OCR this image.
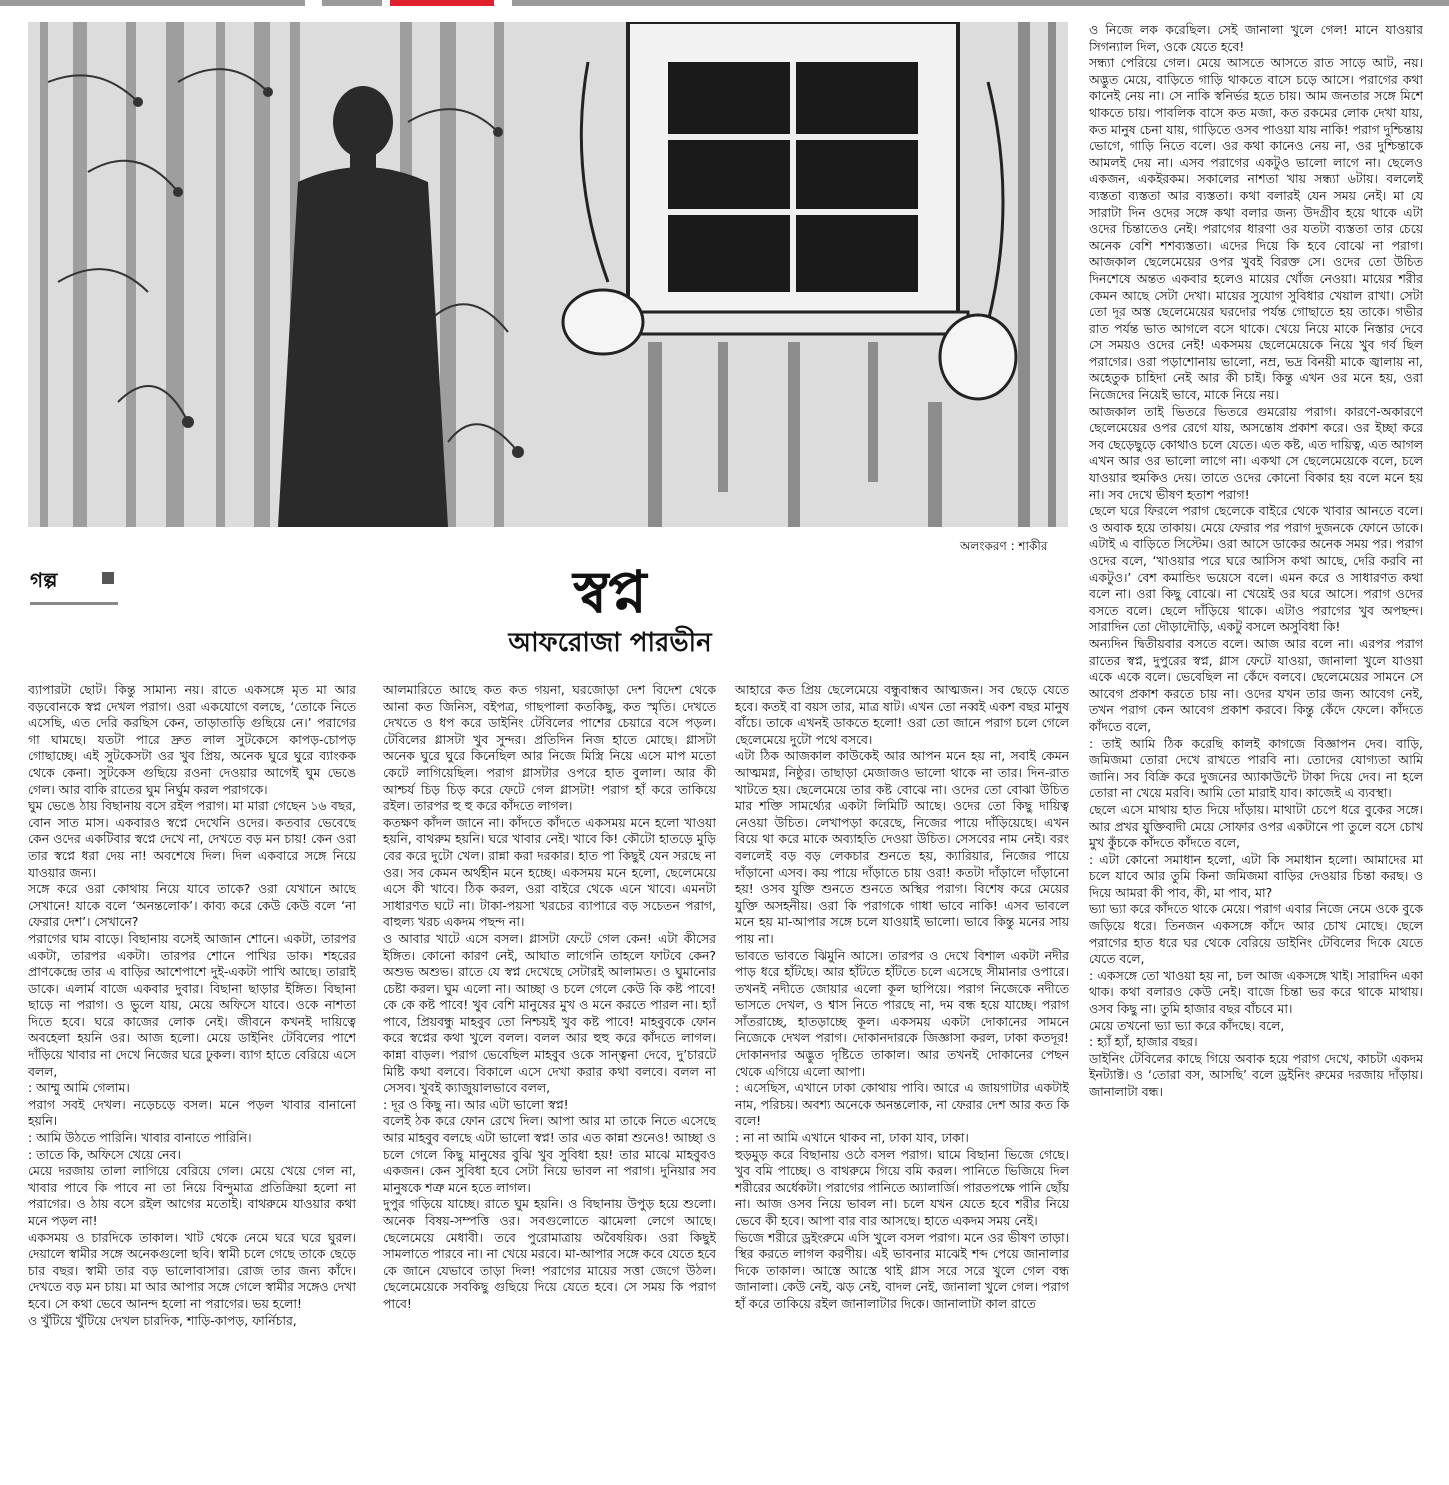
অলংকরণ : শাকীর
গল্প	স্বপ্ন
আফরোজা পারভীন

ব্যাপারটা ছোট। কিন্তু সামান্য নয়। রাতে একসঙ্গে মৃত মা আর বড়বোনকে স্বপ্ন দেখল পরাগ। ওরা একযোগে বলছে, ‘তোকে নিতে এসেছি, এত দেরি করছিস কেন, তাড়াতাড়ি গুছিয়ে নে।’ পরাগের গা ঘামছে। যতটা পারে দ্রুত লাল সুটকেসে কাপড়-চোপড় গোছাচ্ছে। এই সুটকেসটা ওর খুব প্রিয়, অনেক ঘুরে ঘুরে ব্যাংকক থেকে কেনা। সুটকেস গুছিয়ে রওনা দেওয়ার আগেই ঘুম ভেঙে গেল। আর বাকি রাতের ঘুম নির্ঘুম করল পরাগকে।

ঘুম ভেঙে ঠায় বিছানায় বসে রইল পরাগ। মা মারা গেছেন ১৬ বছর, বোন সাত মাস। একবারও স্বপ্নে দেখেনি ওদের। কতবার ভেবেছে কেন ওদের একটিবার স্বপ্নে দেখে না, দেখতে বড় মন চায়! কেন ওরা তার স্বপ্নে ধরা দেয় না! অবশেষে দিল। দিল একবারে সঙ্গে নিয়ে যাওয়ার জন্য।

সঙ্গে করে ওরা কোথায় নিয়ে যাবে তাকে? ওরা যেখানে আছে সেখানে! যাকে বলে ‘অনন্তলোক’। কাব্য করে কেউ কেউ বলে ‘না ফেরার দেশ’। সেখানে?

পরাগের ঘাম বাড়ে। বিছানায় বসেই আজান শোনে। একটা, তারপর একটা, তারপর একটা। তারপর শোনে পাখির ডাক। শহরের প্রাণকেন্দ্রে তার এ বাড়ির আশেপাশে দুই-একটা পাখি আছে। তারাই ডাকে। এলার্ম বাজে একবার দুবার। বিছানা ছাড়ার ইঙ্গিত। বিছানা ছাড়ে না পরাগ। ও ভুলে যায়, মেয়ে অফিসে যাবে। ওকে নাশতা দিতে হবে। ঘরে কাজের লোক নেই। জীবনে কখনই দায়িত্বে অবহেলা হয়নি ওর। আজ হলো। মেয়ে ডাইনিং টেবিলের পাশে দাঁড়িয়ে খাবার না দেখে নিজের ঘরে ঢুকল। ব্যাগ হাতে বেরিয়ে এসে বলল,

: আম্মু আমি গেলাম।

পরাগ সবই দেখল। নড়েচড়ে বসল। মনে পড়ল খাবার বানানো হয়নি।

: আমি উঠতে পারিনি। খাবার বানাতে পারিনি।

: তাতে কি, অফিসে খেয়ে নেব।

মেয়ে দরজায় তালা লাগিয়ে বেরিয়ে গেল। মেয়ে খেয়ে গেল না, খাবার পাবে কি পাবে না তা নিয়ে বিন্দুমাত্র প্রতিক্রিয়া হলো না পরাগের। ও ঠায় বসে রইল আগের মতোই। বাথরুমে যাওয়ার কথা মনে পড়ল না!

একসময় ও চারদিকে তাকাল। খাট থেকে নেমে ঘরে ঘরে ঘুরল। দেয়ালে স্বামীর সঙ্গে অনেকগুলো ছবি। স্বামী চলে গেছে তাকে ছেড়ে চার বছর। স্বামী তার বড় ভালোবাসার। রোজ তার জন্য কাঁদে। দেখতে বড় মন চায়। মা আর আপার সঙ্গে গেলে স্বামীর সঙ্গেও দেখা হবে। সে কথা ভেবে আনন্দ হলো না পরাগের। ভয় হলো!

ও খুঁটিয়ে খুঁটিয়ে দেখল চারদিক, শাড়ি-কাপড়, ফার্নিচার,

আলমারিতে আছে কত কত গয়না, ঘরজোড়া দেশ বিদেশ থেকে আনা কত জিনিস, বইপত্র, গাছপালা কতকিছু, কত স্মৃতি। দেখতে দেখতে ও ধপ করে ডাইনিং টেবিলের পাশের চেয়ারে বসে পড়ল। টেবিলের গ্লাসটা খুব সুন্দর। প্রতিদিন নিজ হাতে মোছে। গ্লাসটা অনেক ঘুরে ঘুরে কিনেছিল আর নিজে মিস্ত্রি নিয়ে এসে মাপ মতো কেটে লাগিয়েছিল। পরাগ গ্লাসটার ওপরে হাত বুলাল। আর কী আশ্চর্য চিড় চিড় করে ফেটে গেল গ্লাসটা! পরাগ হাঁ করে তাকিয়ে রইল। তারপর হু হু করে কাঁদতে লাগল।

কতক্ষণ কাঁদল জানে না। কাঁদতে কাঁদতে একসময় মনে হলো খাওয়া হয়নি, বাথরুম হয়নি। ঘরে খাবার নেই। খাবে কি! কৌটো হাতড়ে মুড়ি বের করে দুটো খেল। রান্না করা দরকার। হাত পা কিছুই যেন সরছে না ওর। সব কেমন অর্থহীন মনে হচ্ছে। একসময় মনে হলো, ছেলেমেয়ে এসে কী খাবে। ঠিক করল, ওরা বাইরে থেকে এনে খাবে। এমনটা সাধারণত ঘটে না। টাকা-পয়সা খরচের ব্যাপারে বড় সচেতন পরাগ, বাহুল্য খরচ একদম পছন্দ না।

ও আবার খাটে এসে বসল। গ্লাসটা ফেটে গেল কেন! এটা কীসের ইঙ্গিত। কোনো কারণ নেই, আঘাত লাগেনি তাহলে ফাটবে কেন? অশুভ অশুভ। রাতে যে স্বপ্ন দেখেছে সেটারই আলামত। ও ঘুমানোর চেষ্টা করল। ঘুম এলো না। আচ্ছা ও চলে গেলে কেউ কি কষ্ট পাবে! কে কে কষ্ট পাবে! খুব বেশি মানুষের মুখ ও মনে করতে পারল না। হ্যাঁ পাবে, প্রিয়বন্ধু মাহবুব তো নিশ্চয়ই খুব কষ্ট পাবে! মাহবুবকে ফোন করে স্বপ্নের কথা খুলে বলল। বলল আর হুহু করে কাঁদতে লাগল। কান্না বাড়ল। পরাগ ভেবেছিল মাহবুব ওকে সান্ত্বনা দেবে, দু’চারটে মিষ্টি কথা বলবে। বিকালে এসে দেখা করার কথা বলবে। বলল না সেসব। খুবই ক্যাজুয়ালভাবে বলল,

: দূর ও কিছু না। আর এটা ভালো স্বপ্ন!

বলেই ঠক করে ফোন রেখে দিল। আপা আর মা তাকে নিতে এসেছে আর মাহবুব বলছে এটা ভালো স্বপ্ন! তার এত কান্না শুনেও! আচ্ছা ও চলে গেলে কিছু মানুষের বুঝি খুব সুবিধা হয়! তার মাঝে মাহবুবও একজন। কেন সুবিধা হবে সেটা নিয়ে ভাবল না পরাগ। দুনিয়ার সব মানুষকে শত্রু মনে হতে লাগল।

দুপুর গড়িয়ে যাচ্ছে। রাতে ঘুম হয়নি। ও বিছানায় উপুড় হয়ে শুলো। অনেক বিষয়-সম্পত্তি ওর। সবগুলোতে ঝামেলা লেগে আছে। ছেলেমেয়ে মেধাবী। তবে পুরোমাত্রায় অবৈষয়িক। ওরা কিছুই সামলাতে পারবে না। না খেয়ে মরবে। মা-আপার সঙ্গে কবে যেতে হবে কে জানে যেভাবে তাড়া দিল! পরাগের মায়ের সত্তা জেগে উঠল। ছেলেমেয়েকে সবকিছু গুছিয়ে দিয়ে যেতে হবে। সে সময় কি পরাগ পাবে!

আহারে কত প্রিয় ছেলেমেয়ে বন্ধুবান্ধব আত্মজন। সব ছেড়ে যেতে হবে। কতই বা বয়স তার, মাত্র ষাট। এখন তো নব্বই একশ বছর মানুষ বাঁচে। তাকে এখনই ডাকতে হলো! ওরা তো জানে পরাগ চলে গেলে ছেলেমেয়ে দুটো পথে বসবে।

এটা ঠিক আজকাল কাউকেই আর আপন মনে হয় না, সবাই কেমন আত্মমগ্ন, নিষ্ঠুর। তাছাড়া মেজাজও ভালো থাকে না তার। দিন-রাত খাটতে হয়। ছেলেমেয়ে তার কষ্ট বোঝে না। ওদের তো বোঝা উচিত মার শক্তি সামর্থ্যের একটা লিমিটি আছে। ওদের তো কিছু দায়িত্ব নেওয়া উচিত। লেখাপড়া করেছে, নিজের পায়ে দাঁড়িয়েছে। এখন বিয়ে থা করে মাকে অব্যাহতি দেওয়া উচিত। সেসবের নাম নেই। বরং বললেই বড় বড় লেকচার শুনতে হয়, ক্যারিয়ার, নিজের পায়ে দাঁড়ানো এসব। কয় পায়ে দাঁড়াতে চায় ওরা! কতটা দাঁড়ালে দাঁড়ানো হয়! ওসব যুক্তি শুনতে শুনতে অস্থির পরাগ। বিশেষ করে মেয়ের যুক্তি অসহনীয়। ওরা কি পরাগকে গাধা ভাবে নাকি! এসব ভাবলে মনে হয় মা-আপার সঙ্গে চলে যাওয়াই ভালো। ভাবে কিন্তু মনের সায় পায় না।

ভাবতে ভাবতে ঝিমুনি আসে। তারপর ও দেখে বিশাল একটা নদীর পাড় ধরে হাঁটছে। আর হাঁটতে হাঁটতে চলে এসেছে সীমানার ওপারে। তখনই নদীতে জোয়ার এলো কূল ছাপিয়ে। পরাগ নিজেকে নদীতে ভাসতে দেখল, ও শ্বাস নিতে পারছে না, দম বন্ধ হয়ে যাচ্ছে। পরাগ সাঁতরাচ্ছে, হাতড়াচ্ছে কূল। একসময় একটা দোকানের সামনে নিজেকে দেখল পরাগ। দোকানদারকে জিজ্ঞাসা করল, ঢাকা কতদূর! দোকানদার অদ্ভুত দৃষ্টিতে তাকাল। আর তখনই দোকানের পেছন থেকে এগিয়ে এলো আপা।

: এসেছিস, এখানে ঢাকা কোথায় পাবি। আরে এ জায়গাটার একটাই নাম, পরিচয়। অবশ্য অনেকে অনন্তলোক, না ফেরার দেশ আর কত কি বলে!

: না না আমি এখানে থাকব না, ঢাকা যাব, ঢাকা।

হুড়মুড় করে বিছানায় ওঠে বসল পরাগ। ঘামে বিছানা ভিজে গেছে। খুব বমি পাচ্ছে। ও বাথরুমে গিয়ে বমি করল। পানিতে ভিজিয়ে দিল শরীরের অর্ধেকটা। পরাগের পানিতে অ্যালার্জি। পারতপক্ষে পানি ছোঁয় না। আজ ওসব নিয়ে ভাবল না। চলে যখন যেতে হবে শরীর নিয়ে ভেবে কী হবে। আপা বার বার আসছে। হাতে একদম সময় নেই।

ভিজে শরীরে ড্রইংরুমে এসি খুলে বসল পরাগ। মনে ওর ভীষণ তাড়া। স্থির করতে লাগল করণীয়। এই ভাবনার মাঝেই শব্দ পেয়ে জানালার দিকে তাকাল। আস্তে আস্তে থাই গ্লাস সরে সরে খুলে গেল বন্ধ জানালা। কেউ নেই, ঝড় নেই, বাদল নেই, জানালা খুলে গেল। পরাগ হাঁ করে তাকিয়ে রইল জানালাটার দিকে। জানালাটা কাল রাতে

ও নিজে লক করেছিল। সেই জানালা খুলে গেল! মানে যাওয়ার সিগন্যাল দিল, ওকে যেতে হবে!

সন্ধ্যা পেরিয়ে গেল। মেয়ে আসতে আসতে রাত সাড়ে আট, নয়। অদ্ভুত মেয়ে, বাড়িতে গাড়ি থাকতে বাসে চড়ে আসে। পরাগের কথা কানেই নেয় না। সে নাকি স্বনির্ভর হতে চায়। আম জনতার সঙ্গে মিশে থাকতে চায়। পাবলিক বাসে কত মজা, কত রকমের লোক দেখা যায়, কত মানুষ চেনা যায়, গাড়িতে ওসব পাওয়া যায় নাকি! পরাগ দুশ্চিন্তায় ভোগে, গাড়ি নিতে বলে। ওর কথা কানেও নেয় না, ওর দুশ্চিন্তাকে আমলই দেয় না। এসব পরাগের একটুও ভালো লাগে না। ছেলেও একজন, একইরকম। সকালের নাশতা খায় সন্ধ্যা ৬টায়। বললেই ব্যস্ততা ব্যস্ততা আর ব্যস্ততা। কথা বলারই যেন সময় নেই। মা যে সারাটা দিন ওদের সঙ্গে কথা বলার জন্য উদগ্রীব হয়ে থাকে এটা ওদের চিন্তাতেও নেই। পরাগের ধারণা ওর যতটা ব্যস্ততা তার চেয়ে অনেক বেশি শশব্যস্ততা। এদের দিয়ে কি হবে বোঝে না পরাগ। আজকাল ছেলেমেয়ের ওপর খুবই বিরক্ত সে। ওদের তো উচিত দিনশেষে অন্তত একবার হলেও মায়ের খোঁজ নেওয়া। মায়ের শরীর কেমন আছে সেটা দেখা। মায়ের সুযোগ সুবিধার খেয়াল রাখা। সেটা তো দূর অস্ত ছেলেমেয়ের ঘরদোর পর্যন্ত গোছাতে হয় তাকে। গভীর রাত পর্যন্ত ভাত আগলে বসে থাকে। খেয়ে নিয়ে মাকে নিস্তার দেবে সে সময়ও ওদের নেই! একসময় ছেলেমেয়েকে নিয়ে খুব গর্ব ছিল পরাগের। ওরা পড়াশোনায় ভালো, নম্র, ভদ্র বিনয়ী মাকে জ্বালায় না, অহেতুক চাহিদা নেই আর কী চাই। কিন্তু এখন ওর মনে হয়, ওরা নিজেদের নিয়েই ভাবে, মাকে নিয়ে নয়।

আজকাল তাই ভিতরে ভিতরে গুমরোয় পরাগ। কারণে-অকারণে ছেলেমেয়ের ওপর রেগে যায়, অসন্তোষ প্রকাশ করে। ওর ইচ্ছা করে সব ছেড়েছুড়ে কোথাও চলে যেতে। এত কষ্ট, এত দায়িত্ব, এত আগল এখন আর ওর ভালো লাগে না। একথা সে ছেলেমেয়েকে বলে, চলে যাওয়ার হুমকিও দেয়। তাতে ওদের কোনো বিকার হয় বলে মনে হয় না। সব দেখে ভীষণ হতাশ পরাগ!

ছেলে ঘরে ফিরলে পরাগ ছেলেকে বাইরে থেকে খাবার আনতে বলে। ও অবাক হয়ে তাকায়। মেয়ে ফেরার পর পরাগ দুজনকে ফোনে ডাকে। এটাই এ বাড়িতে সিস্টেম। ওরা আসে ডাকের অনেক সময় পর। পরাগ ওদের বলে, ‘খাওয়ার পরে ঘরে আসিস কথা আছে, দেরি করবি না একটুও।’ বেশ কমান্ডিং ভয়েসে বলে। এমন করে ও সাধারণত কথা বলে না। ওরা কিছু বোঝে। না খেয়েই ওর ঘরে আসে। পরাগ ওদের বসতে বলে। ছেলে দাঁড়িয়ে থাকে। এটাও পরাগের খুব অপছন্দ। সারাদিন তো দৌড়াদৌড়ি, একটু বসলে অসুবিধা কি!

অন্যদিন দ্বিতীয়বার বসতে বলে। আজ আর বলে না। এরপর পরাগ রাতের স্বপ্ন, দুপুরের স্বপ্ন, গ্লাস ফেটে যাওয়া, জানালা খুলে যাওয়া একে একে বলে। ভেবেছিল না কেঁদে বলবে। ছেলেমেয়ের সামনে সে আবেগ প্রকাশ করতে চায় না। ওদের যখন তার জন্য আবেগ নেই, তখন পরাগ কেন আবেগ প্রকাশ করবে। কিন্তু কেঁদে ফেলে। কাঁদতে কাঁদতে বলে,

: তাই আমি ঠিক করেছি কালই কাগজে বিজ্ঞাপন দেব। বাড়ি, জমিজমা তোরা দেখে রাখতে পারবি না। তোদের যোগ্যতা আমি জানি। সব বিক্রি করে দুজনের অ্যাকাউন্টে টাকা দিয়ে দেব। না হলে তোরা না খেয়ে মরবি। আমি তো মারাই যাব। কাজেই এ ব্যবস্থা।

ছেলে এসে মাথায় হাত দিয়ে দাঁড়ায়। মাথাটা চেপে ধরে বুকের সঙ্গে। আর প্রখর যুক্তিবাদী মেয়ে সোফার ওপর একটানে পা তুলে বসে চোখ মুখ কুঁচকে কাঁদতে কাঁদতে বলে,

: এটা কোনো সমাধান হলো, এটা কি সমাধান হলো। আমাদের মা চলে যাবে আর তুমি কিনা জমিজমা বাড়ির দেওয়ার চিন্তা করছ। ও দিয়ে আমরা কী পাব, কী, মা পাব, মা?

ভ্যা ভ্যা করে কাঁদতে থাকে মেয়ে। পরাগ এবার নিজে নেমে ওকে বুকে জড়িয়ে ধরে। তিনজন একসঙ্গে কাঁদে আর চোখ মোছে। ছেলে পরাগের হাত ধরে ঘর থেকে বেরিয়ে ডাইনিং টেবিলের দিকে যেতে যেতে বলে,

: একসঙ্গে তো খাওয়া হয় না, চল আজ একসঙ্গে খাই। সারাদিন একা থাক। কথা বলারও কেউ নেই। বাজে চিন্তা ভর করে থাকে মাথায়। ওসব কিছু না। তুমি হাজার বছর বাঁচবে মা।

মেয়ে তখনো ভ্যা ভ্যা করে কাঁদছে। বলে,

: হ্যাঁ হ্যাঁ, হাজার বছর।

ডাইনিং টেবিলের কাছে গিয়ে অবাক হয়ে পরাগ দেখে, কাচটা একদম ইনট্যাক্ট। ও ‘তোরা বস, আসছি’ বলে ড্রইনিং রুমের দরজায় দাঁড়ায়। জানালাটা বন্ধ।
